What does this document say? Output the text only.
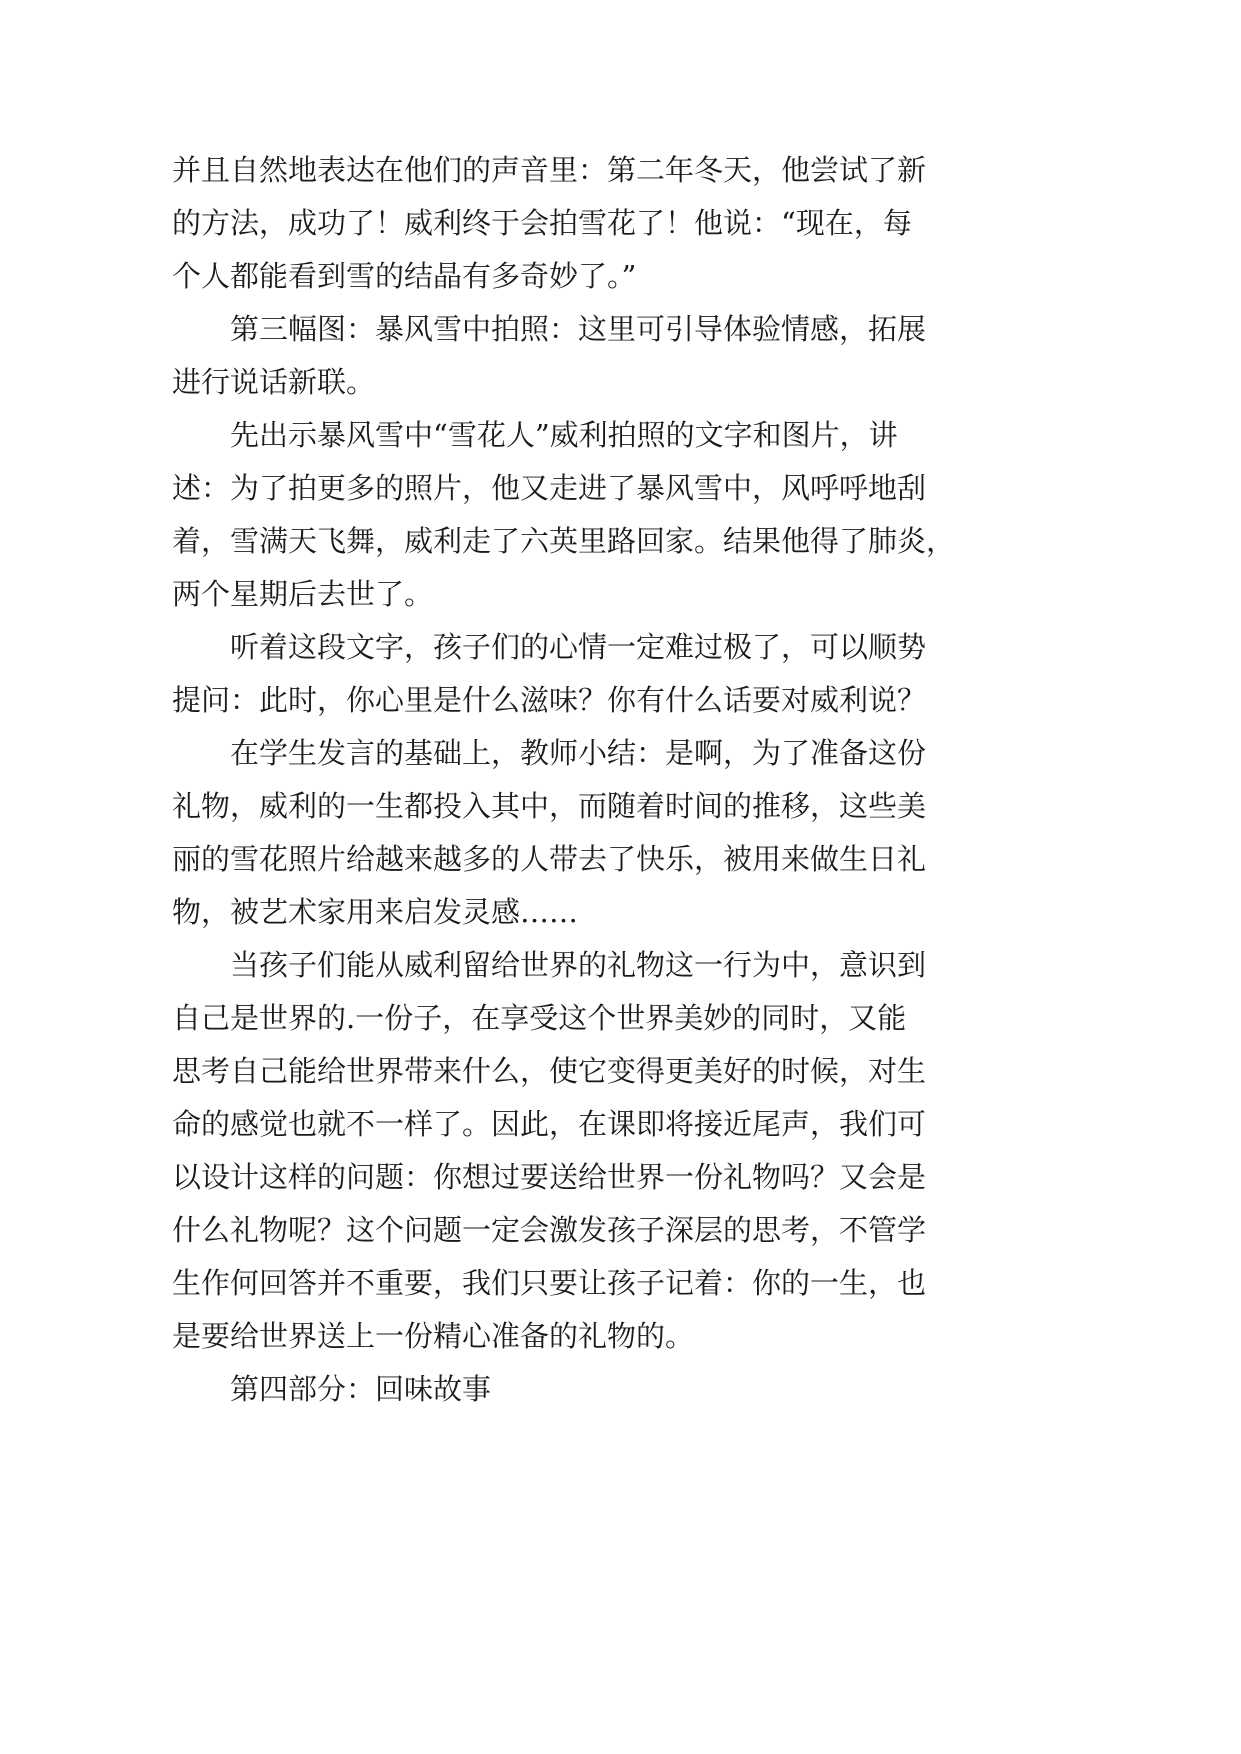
并且自然地表达在他们的声音里：第二年冬天，他尝试了新
的方法，成功了！威利终于会拍雪花了！他说：“现在，每
个人都能看到雪的结晶有多奇妙了。”
第三幅图：暴风雪中拍照：这里可引导体验情感，拓展
进行说话新联。
先出示暴风雪中“雪花人”威利拍照的文字和图片，讲
述：为了拍更多的照片，他又走进了暴风雪中，风呼呼地刮
着，雪满天飞舞，威利走了六英里路回家。结果他得了肺炎，
两个星期后去世了。
听着这段文字，孩子们的心情一定难过极了，可以顺势
提问：此时，你心里是什么滋味？你有什么话要对威利说？
在学生发言的基础上，教师小结：是啊，为了准备这份
礼物，威利的一生都投入其中，而随着时间的推移，这些美
丽的雪花照片给越来越多的人带去了快乐，被用来做生日礼
物，被艺术家用来启发灵感……
当孩子们能从威利留给世界的礼物这一行为中，意识到
自己是世界的.一份子，在享受这个世界美妙的同时，又能
思考自己能给世界带来什么，使它变得更美好的时候，对生
命的感觉也就不一样了。因此，在课即将接近尾声，我们可
以设计这样的问题：你想过要送给世界一份礼物吗？又会是
什么礼物呢？这个问题一定会激发孩子深层的思考，不管学
生作何回答并不重要，我们只要让孩子记着：你的一生，也
是要给世界送上一份精心准备的礼物的。
第四部分：回味故事
